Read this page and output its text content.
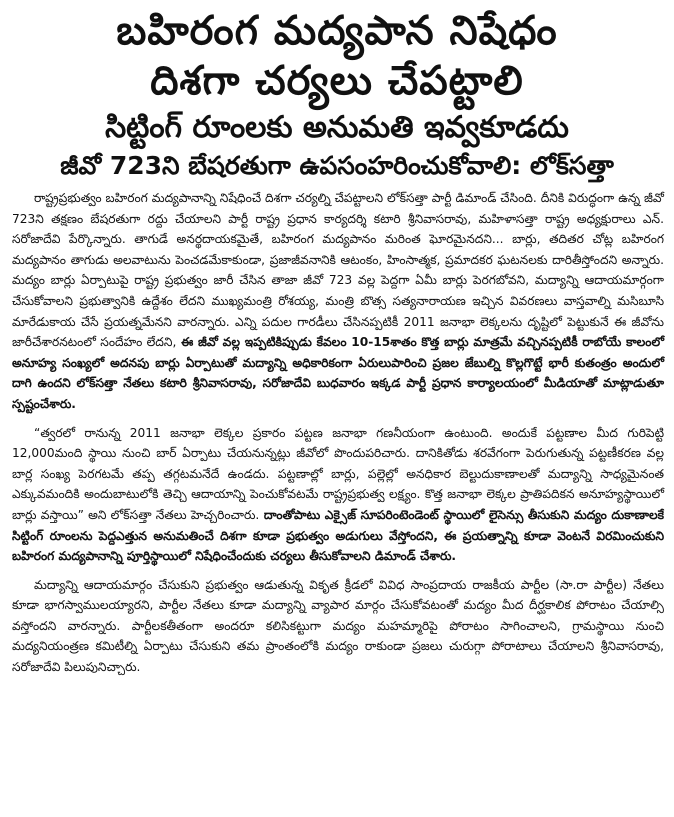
బహిరంగ మద్యపాన నిషేధం
దిశగా చర్యలు చేపట్టాలి
సిట్టింగ్ రూంలకు అనుమతి ఇవ్వకూడదు
జీవో 723ని బేషరతుగా ఉపసంహరించుకోవాలి: లోక్‌సత్తా

రాష్ట్రప్రభుత్వం బహిరంగ మద్యపానాన్ని నిషేధించే దిశగా చర్యల్ని చేపట్టాలని లోక్‌సత్తా పార్టీ డిమాండ్ చేసింది. దీనికి విరుద్ధంగా ఉన్న జీవో 723ని తక్షణం బేషరతుగా రద్దు చేయాలని పార్టీ రాష్ట్ర ప్రధాన కార్యదర్శి కటారి శ్రీనివాసరావు, మహిళాసత్తా రాష్ట్ర అధ్యక్షురాలు ఎన్. సరోజాదేవి పేర్కొన్నారు. తాగుడే అనర్థదాయకమైతే, బహిరంగ మద్యపానం మరింత ఘోరమైనదని... బార్లు, తదితర చోట్ల బహిరంగ మద్యపానం తాగుడు అలవాటును పెంచడమేకాకుండా, ప్రజాజీవనానికి ఆటంకం, హింసాత్మక, ప్రమాదకర ఘటనలకు దారితీస్తోందని అన్నారు. మద్యం బార్లు ఏర్పాటుపై రాష్ట్ర ప్రభుత్వం జారీ చేసిన తాజా జీవో 723 వల్ల పెద్దగా ఏమీ బార్లు పెరగబోవని, మద్యాన్ని ఆదాయమార్గంగా చేసుకోవాలని ప్రభుత్వానికి ఉద్దేశం లేదని ముఖ్యమంత్రి రోశయ్య, మంత్రి బొత్స సత్యనారాయణ ఇచ్చిన వివరణలు వాస్తవాల్ని మసిబూసి మారేడుకాయ చేసే ప్రయత్నమేనని వారన్నారు. ఎన్ని పదుల గారడీలు చేసినప్పటికీ 2011 జనాభా లెక్కలను దృష్టిలో పెట్టుకునే ఈ జీవోను జారీచేశారనటంలో సందేహం లేదని, ఈ జీవో వల్ల ఇప్పటికిప్పుడు కేవలం 10-15శాతం కొత్త బార్లు మాత్రమే వచ్చినప్పటికీ రాబోయే కాలంలో అనూహ్య సంఖ్యలో అదనపు బార్లు ఏర్పాటుతో మద్యాన్ని అధికారికంగా ఏరులుపారించి ప్రజల జేబుల్ని కొల్లగొట్టే భారీ కుతంత్రం అందులో దాగి ఉందని లోక్‌సత్తా నేతలు కటారి శ్రీనివాసరావు, సరోజాదేవి బుధవారం ఇక్కడ పార్టీ ప్రధాన కార్యాలయంలో మీడియాతో మాట్లాడుతూ స్పష్టంచేశారు.

“త్వరలో రానున్న 2011 జనాభా లెక్కల ప్రకారం పట్టణ జనాభా గణనీయంగా ఉంటుంది. అందుకే పట్టణాల మీద గురిపెట్టి 12,000మంది స్థాయి నుంచి బార్ ఏర్పాటు చేయనున్నట్లు జీవోలో పొందుపరిచారు. దానికితోడు శరవేగంగా పెరుగుతున్న పట్టణీకరణ వల్ల బార్ల సంఖ్య పెరగటమే తప్ప తగ్గటమనేదే ఉండదు. పట్టణాల్లో బార్లు, పల్లెల్లో అనధికార బెల్టుదుకాణాలతో మద్యాన్ని సాధ్యమైనంత ఎక్కువమందికి అందుబాటులోకి తెచ్చి ఆదాయాన్ని పెంచుకోవటమే రాష్ట్రప్రభుత్వ లక్ష్యం. కొత్త జనాభా లెక్కల ప్రాతిపదికన అనూహ్యస్థాయిలో బార్లు వస్తాయి” అని లోక్‌సత్తా నేతలు హెచ్చరించారు. దాంతోపాటు ఎక్సైజ్ సూపరింటెండెంట్ స్థాయిలో లైసెన్సు తీసుకుని మద్యం దుకాణాలకే సిట్టింగ్ రూంలను పెద్దఎత్తున అనుమతించే దిశగా కూడా ప్రభుత్వం అడుగులు వేస్తోందని, ఈ ప్రయత్నాన్ని కూడా వెంటనే విరమించుకుని బహిరంగ మద్యపానాన్ని పూర్తిస్థాయిలో నిషేధించేందుకు చర్యలు తీసుకోవాలని డిమాండ్ చేశారు.

మద్యాన్ని ఆదాయమార్గం చేసుకుని ప్రభుత్వం ఆడుతున్న వికృత క్రీడలో వివిధ సాంప్రదాయ రాజకీయ పార్టీల (సా.రా పార్టీల) నేతలు కూడా భాగస్వాములయ్యారని, పార్టీల నేతలు కూడా మద్యాన్ని వ్యాపార మార్గం చేసుకోవటంతో మద్యం మీద దీర్ఘకాలిక పోరాటం చేయాల్సి వస్తోందని వారన్నారు. పార్టీలకతీతంగా అందరూ కలిసికట్టుగా మద్యం మహమ్మారిపై పోరాటం సాగించాలని, గ్రామస్థాయి నుంచి మద్యనియంత్రణ కమిటీల్ని ఏర్పాటు చేసుకుని తమ ప్రాంతంలోకి మద్యం రాకుండా ప్రజలు చురుగ్గా పోరాటాలు చేయాలని శ్రీనివాసరావు, సరోజాదేవి పిలుపునిచ్చారు.
